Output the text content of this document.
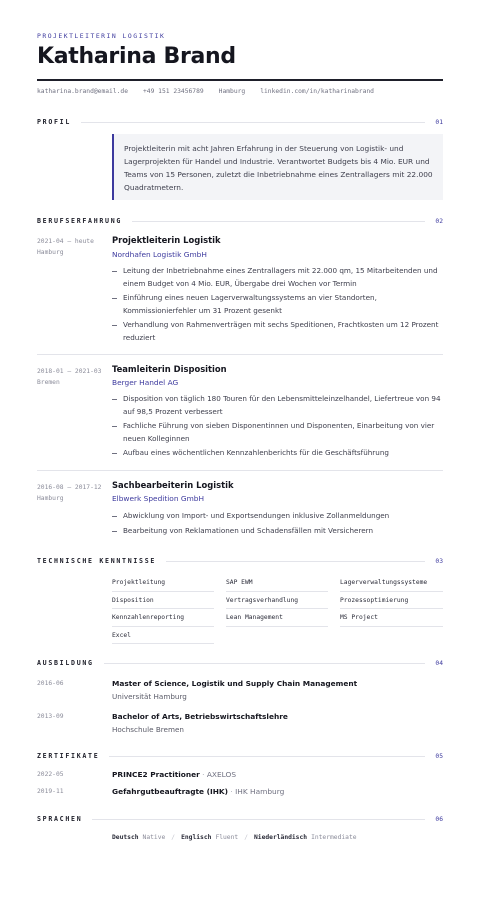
PROJEKTLEITERIN LOGISTIK
Katharina Brand
katharina.brand@email.de +49 151 23456789 Hamburg linkedin.com/in/katharinabrand
PROFIL	01
Projektleiterin mit acht Jahren Erfahrung in der Steuerung von Logistik- und Lagerprojekten für Handel und Industrie. Verantwortet Budgets bis 4 Mio. EUR und Teams von 15 Personen, zuletzt die Inbetriebnahme eines Zentrallagers mit 22.000 Quadratmetern.
BERUFSERFAHRUNG	02
2021-04 – heute
Hamburg
Projektleiterin Logistik
Nordhafen Logistik GmbH
Leitung der Inbetriebnahme eines Zentrallagers mit 22.000 qm, 15 Mitarbeitenden und einem Budget von 4 Mio. EUR, Übergabe drei Wochen vor Termin
Einführung eines neuen Lagerverwaltungssystems an vier Standorten, Kommissionierfehler um 31 Prozent gesenkt
Verhandlung von Rahmenverträgen mit sechs Speditionen, Frachtkosten um 12 Prozent reduziert
2018-01 – 2021-03
Bremen
Teamleiterin Disposition
Berger Handel AG
Disposition von täglich 180 Touren für den Lebensmitteleinzelhandel, Liefertreue von 94 auf 98,5 Prozent verbessert
Fachliche Führung von sieben Disponentinnen und Disponenten, Einarbeitung von vier neuen Kolleginnen
Aufbau eines wöchentlichen Kennzahlenberichts für die Geschäftsführung
2016-08 – 2017-12
Hamburg
Sachbearbeiterin Logistik
Elbwerk Spedition GmbH
Abwicklung von Import- und Exportsendungen inklusive Zollanmeldungen
Bearbeitung von Reklamationen und Schadensfällen mit Versicherern
TECHNISCHE KENNTNISSE	03
Projektleitung	SAP EWM	Lagerverwaltungssysteme
Disposition	Vertragsverhandlung	Prozessoptimierung
Kennzahlenreporting	Lean Management	MS Project
Excel
AUSBILDUNG	04
2016-06	Master of Science, Logistik und Supply Chain Management
Universität Hamburg
2013-09	Bachelor of Arts, Betriebswirtschaftslehre
Hochschule Bremen
ZERTIFIKATE	05
2022-05	PRINCE2 Practitioner · AXELOS
2019-11	Gefahrgutbeauftragte (IHK) · IHK Hamburg
SPRACHEN	06
Deutsch Native / Englisch Fluent / Niederländisch Intermediate
